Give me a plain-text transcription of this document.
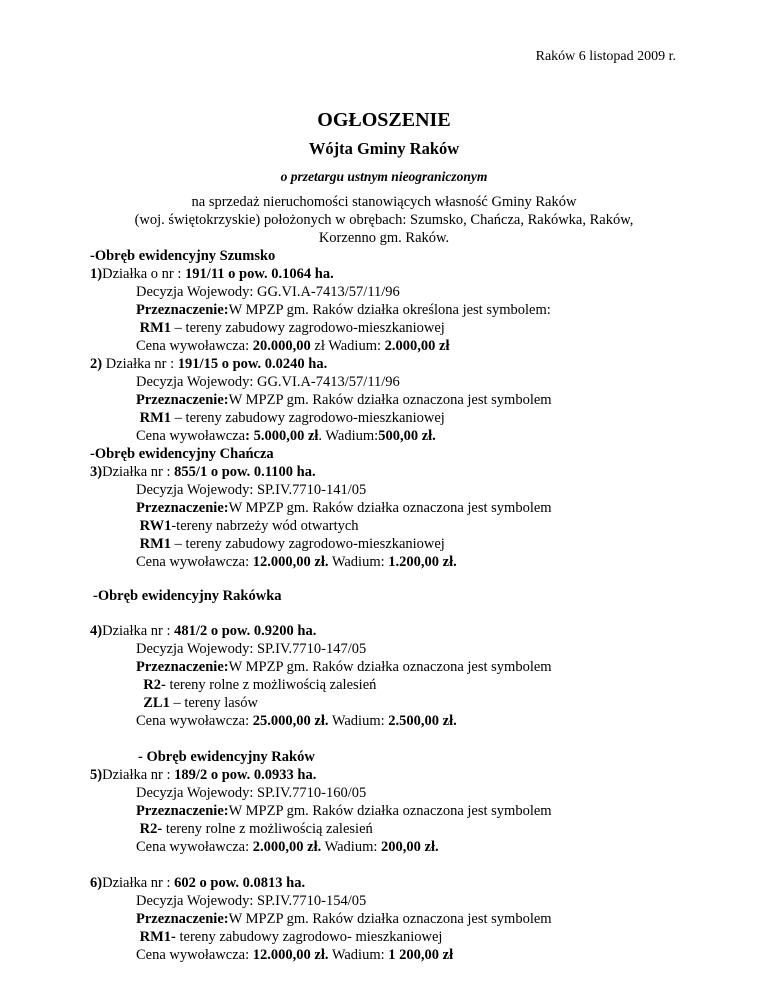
Raków 6 listopad 2009 r.
OGŁOSZENIE
Wójta Gminy Raków
o przetargu ustnym nieograniczonym
na sprzedaż nieruchomości stanowiących własność Gminy Raków
(woj. świętokrzyskie) położonych w obrębach: Szumsko, Chańcza, Rakówka, Raków,
Korzenno gm. Raków.
-Obręb ewidencyjny Szumsko
1)Działka o nr : 191/11 o pow. 0.1064 ha.
Decyzja Wojewody: GG.VI.A-7413/57/11/96
Przeznaczenie:W MPZP gm. Raków działka określona jest symbolem:
RM1 – tereny zabudowy zagrodowo-mieszkaniowej
Cena wywoławcza: 20.000,00 zł Wadium: 2.000,00 zł
2) Działka nr : 191/15 o pow. 0.0240 ha.
Decyzja Wojewody: GG.VI.A-7413/57/11/96
Przeznaczenie:W MPZP gm. Raków działka oznaczona jest symbolem
RM1 – tereny zabudowy zagrodowo-mieszkaniowej
Cena wywoławcza: 5.000,00 zł. Wadium:500,00 zł.
-Obręb ewidencyjny Chańcza
3)Działka nr : 855/1 o pow. 0.1100 ha.
Decyzja Wojewody: SP.IV.7710-141/05
Przeznaczenie:W MPZP gm. Raków działka oznaczona jest symbolem
RW1-tereny nabrzeży wód otwartych
RM1 – tereny zabudowy zagrodowo-mieszkaniowej
Cena wywoławcza: 12.000,00 zł. Wadium: 1.200,00 zł.
-Obręb ewidencyjny Rakówka
4)Działka nr : 481/2 o pow. 0.9200 ha.
Decyzja Wojewody: SP.IV.7710-147/05
Przeznaczenie:W MPZP gm. Raków działka oznaczona jest symbolem
R2- tereny rolne z możliwością zalesień
ZL1 – tereny lasów
Cena wywoławcza: 25.000,00 zł. Wadium: 2.500,00 zł.
- Obręb ewidencyjny Raków
5)Działka nr : 189/2 o pow. 0.0933 ha.
Decyzja Wojewody: SP.IV.7710-160/05
Przeznaczenie:W MPZP gm. Raków działka oznaczona jest symbolem
R2- tereny rolne z możliwością zalesień
Cena wywoławcza: 2.000,00 zł. Wadium: 200,00 zł.
6)Działka nr : 602 o pow. 0.0813 ha.
Decyzja Wojewody: SP.IV.7710-154/05
Przeznaczenie:W MPZP gm. Raków działka oznaczona jest symbolem
RM1- tereny zabudowy zagrodowo- mieszkaniowej
Cena wywoławcza: 12.000,00 zł. Wadium: 1 200,00 zł
